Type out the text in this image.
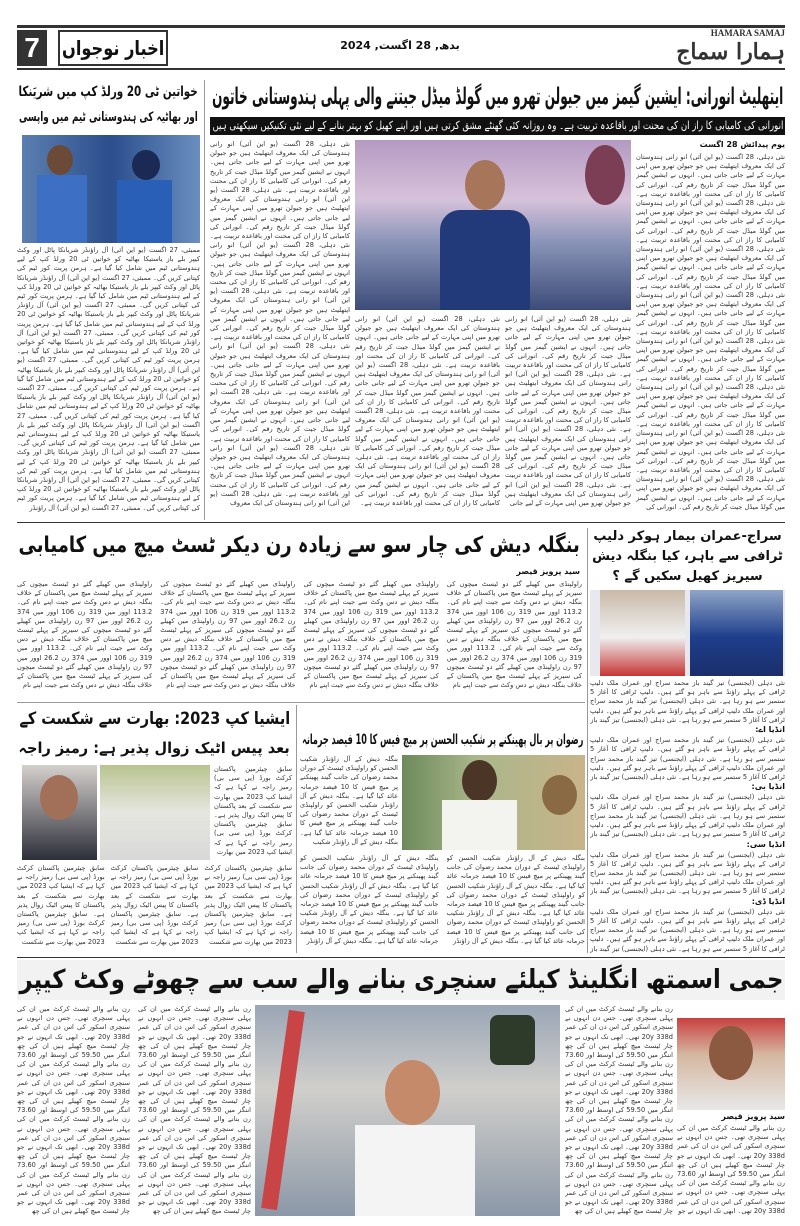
7	اخبار نوجواں	بدھ, 28 اگست, 2024
HAMARA SAMAJ
ہمارا سماج
ایتھلیٹ انورانی: ایشین گیمز میں جیولن تھرو میں گولڈ میڈل جیتنے والی پہلی ہندوستانی خاتون
انورانی کی کامیابی کا راز ان کی محنت اور باقاعدہ تربیت ہے۔ وہ روزانہ کئی گھنٹے مشق کرتی ہیں اور اپنے کھیل کو بہتر بنانے کے لیے نئی تکنیکیں سیکھتی ہیں
یوم پیدائش 28 اگست
نئی دہلی، 28 اگست (یو این آئی) انو رانی ہندوستان کی ایک معروف ایتھلیٹ ہیں جو جیولن تھرو میں اپنی مہارت کے لیے جانی جاتی ہیں۔ انہوں نے ایشین گیمز میں گولڈ میڈل جیت کر تاریخ رقم کی۔ انورانی کی کامیابی کا راز ان کی محنت اور باقاعدہ تربیت ہے۔ نئی دہلی، 28 اگست (یو این آئی) انو رانی ہندوستان کی ایک معروف ایتھلیٹ ہیں جو جیولن تھرو میں اپنی مہارت کے لیے جانی جاتی ہیں۔ انہوں نے ایشین گیمز میں گولڈ میڈل جیت کر تاریخ رقم کی۔ انورانی کی کامیابی کا راز ان کی محنت اور باقاعدہ تربیت ہے۔ نئی دہلی، 28 اگست (یو این آئی) انو رانی ہندوستان کی ایک معروف ایتھلیٹ ہیں جو جیولن تھرو میں اپنی مہارت کے لیے جانی جاتی ہیں۔ انہوں نے ایشین گیمز میں گولڈ میڈل جیت کر تاریخ رقم کی۔ انورانی کی کامیابی کا راز ان کی محنت اور باقاعدہ تربیت ہے۔ نئی دہلی، 28 اگست (یو این آئی) انو رانی ہندوستان کی ایک معروف ایتھلیٹ ہیں جو جیولن تھرو میں اپنی مہارت کے لیے جانی جاتی ہیں۔ انہوں نے ایشین گیمز میں گولڈ میڈل جیت کر تاریخ رقم کی۔ انورانی کی کامیابی کا راز ان کی محنت اور باقاعدہ تربیت ہے۔ نئی دہلی، 28 اگست (یو این آئی) انو رانی ہندوستان کی ایک معروف ایتھلیٹ ہیں جو جیولن تھرو میں اپنی مہارت کے لیے جانی جاتی ہیں۔ انہوں نے ایشین گیمز میں گولڈ میڈل جیت کر تاریخ رقم کی۔ انورانی کی کامیابی کا راز ان کی محنت اور باقاعدہ تربیت ہے۔ نئی دہلی، 28 اگست (یو این آئی) انو رانی ہندوستان کی ایک معروف ایتھلیٹ ہیں جو جیولن تھرو میں اپنی مہارت کے لیے جانی جاتی ہیں۔ انہوں نے ایشین گیمز میں گولڈ میڈل جیت کر تاریخ رقم کی۔ انورانی کی کامیابی کا راز ان کی محنت اور باقاعدہ تربیت ہے۔ نئی دہلی، 28 اگست (یو این آئی) انو رانی ہندوستان کی ایک معروف ایتھلیٹ ہیں جو جیولن تھرو میں اپنی مہارت کے لیے جانی جاتی ہیں۔ انہوں نے ایشین گیمز میں گولڈ میڈل جیت کر تاریخ رقم کی۔ انورانی کی کامیابی کا راز ان کی محنت اور باقاعدہ تربیت ہے۔ نئی دہلی، 28 اگست (یو این آئی) انو رانی ہندوستان کی ایک معروف ایتھلیٹ ہیں جو جیولن تھرو میں اپنی مہارت کے لیے جانی جاتی ہیں۔ انہوں نے ایشین گیمز میں گولڈ میڈل جیت کر تاریخ رقم کی۔ انورانی کی
نئی دہلی، 28 اگست (یو این آئی) انو رانی ہندوستان کی ایک معروف ایتھلیٹ ہیں جو جیولن تھرو میں اپنی مہارت کے لیے جانی جاتی ہیں۔ انہوں نے ایشین گیمز میں گولڈ میڈل جیت کر تاریخ رقم کی۔ انورانی کی کامیابی کا راز ان کی محنت اور باقاعدہ تربیت ہے۔ نئی دہلی، 28 اگست (یو این آئی) انو رانی ہندوستان کی ایک معروف ایتھلیٹ ہیں جو جیولن تھرو میں اپنی مہارت کے لیے جانی جاتی ہیں۔ انہوں نے ایشین گیمز میں گولڈ میڈل جیت کر تاریخ رقم کی۔ انورانی کی کامیابی کا راز ان کی محنت اور باقاعدہ تربیت ہے۔ نئی دہلی، 28 اگست (یو این آئی) انو رانی ہندوستان کی ایک معروف ایتھلیٹ ہیں جو جیولن تھرو میں اپنی مہارت کے لیے جانی جاتی ہیں۔ انہوں نے ایشین گیمز میں گولڈ میڈل جیت کر تاریخ رقم کی۔ انورانی کی کامیابی کا راز ان کی محنت اور باقاعدہ تربیت ہے۔ نئی دہلی، 28 اگست (یو این آئی) انو رانی ہندوستان کی ایک معروف ایتھلیٹ ہیں جو جیولن تھرو میں اپنی مہارت کے لیے جانی
نئی دہلی، 28 اگست (یو این آئی) انو رانی ہندوستان کی ایک معروف ایتھلیٹ ہیں جو جیولن تھرو میں اپنی مہارت کے لیے جانی جاتی ہیں۔ انہوں نے ایشین گیمز میں گولڈ میڈل جیت کر تاریخ رقم کی۔ انورانی کی کامیابی کا راز ان کی محنت اور باقاعدہ تربیت ہے۔ نئی دہلی، 28 اگست (یو این آئی) انو رانی ہندوستان کی ایک معروف ایتھلیٹ ہیں جو جیولن تھرو میں اپنی مہارت کے لیے جانی جاتی ہیں۔ انہوں نے ایشین گیمز میں گولڈ میڈل جیت کر تاریخ رقم کی۔ انورانی کی کامیابی کا راز ان کی محنت اور باقاعدہ تربیت ہے۔ نئی دہلی، 28 اگست (یو این آئی) انو رانی ہندوستان کی ایک معروف ایتھلیٹ ہیں جو جیولن تھرو میں اپنی مہارت کے لیے جانی جاتی ہیں۔ انہوں نے ایشین گیمز میں گولڈ میڈل جیت کر تاریخ رقم کی۔ انورانی کی کامیابی کا راز ان کی محنت اور باقاعدہ تربیت ہے۔ نئی دہلی، 28 اگست (یو این آئی) انو رانی ہندوستان کی ایک معروف ایتھلیٹ ہیں جو جیولن تھرو میں اپنی مہارت کے لیے جانی جاتی ہیں۔ انہوں نے ایشین گیمز میں گولڈ میڈل جیت کر تاریخ رقم کی۔ انورانی کی کامیابی کا راز ان کی محنت اور باقاعدہ تربیت ہے۔
نئی دہلی، 28 اگست (یو این آئی) انو رانی ہندوستان کی ایک معروف ایتھلیٹ ہیں جو جیولن تھرو میں اپنی مہارت کے لیے جانی جاتی ہیں۔ انہوں نے ایشین گیمز میں گولڈ میڈل جیت کر تاریخ رقم کی۔ انورانی کی کامیابی کا راز ان کی محنت اور باقاعدہ تربیت ہے۔ نئی دہلی، 28 اگست (یو این آئی) انو رانی ہندوستان کی ایک معروف ایتھلیٹ ہیں جو جیولن تھرو میں اپنی مہارت کے لیے جانی جاتی ہیں۔ انہوں نے ایشین گیمز میں گولڈ میڈل جیت کر تاریخ رقم کی۔ انورانی کی کامیابی کا راز ان کی محنت اور باقاعدہ تربیت ہے۔ نئی دہلی، 28 اگست (یو این آئی) انو رانی ہندوستان کی ایک معروف ایتھلیٹ ہیں جو جیولن تھرو میں اپنی مہارت کے لیے جانی جاتی ہیں۔ انہوں نے ایشین گیمز میں گولڈ میڈل جیت کر تاریخ رقم کی۔ انورانی کی کامیابی کا راز ان کی محنت اور باقاعدہ تربیت ہے۔ نئی دہلی، 28 اگست (یو این آئی) انو رانی ہندوستان کی ایک معروف ایتھلیٹ ہیں جو جیولن تھرو میں اپنی مہارت کے لیے جانی جاتی ہیں۔ انہوں نے ایشین گیمز میں گولڈ میڈل جیت کر تاریخ رقم کی۔ انورانی کی کامیابی کا راز ان کی محنت اور باقاعدہ تربیت ہے۔ نئی دہلی، 28 اگست (یو این آئی) انو رانی ہندوستان کی ایک معروف ایتھلیٹ ہیں جو جیولن تھرو میں اپنی مہارت کے لیے جانی جاتی ہیں۔ انہوں نے ایشین گیمز میں گولڈ میڈل جیت کر تاریخ رقم کی۔ انورانی کی کامیابی کا راز ان کی محنت اور باقاعدہ تربیت ہے۔ نئی دہلی، 28 اگست (یو این آئی) انو رانی ہندوستان کی ایک معروف ایتھلیٹ ہیں جو جیولن تھرو میں اپنی مہارت کے لیے جانی جاتی ہیں۔ انہوں نے ایشین گیمز میں گولڈ میڈل جیت کر تاریخ رقم کی۔ انورانی کی کامیابی کا راز ان کی محنت اور باقاعدہ تربیت ہے۔ نئی دہلی، 28 اگست (یو این آئی) انو رانی ہندوستان کی ایک معروف ایتھلیٹ ہیں جو جیولن تھرو میں اپنی مہارت کے لیے جانی جاتی ہیں۔ انہوں نے ایشین گیمز میں گولڈ میڈل جیت کر تاریخ رقم کی۔ انورانی کی کامیابی کا راز ان کی محنت اور باقاعدہ تربیت ہے۔ نئی دہلی، 28 اگست (یو این آئی) انو رانی ہندوستان کی ایک معروف
خواتین ٹی 20 ورلڈ کپ میں شریَنکا
اور بھاٹیہ کی ہندوستانی ٹیم میں واپسی
ممبئی، 27 اگست (یو این آئی) آل راؤنڈر شریانکا پاٹل اور وکٹ کیپر بلے باز یاستیکا بھاٹیہ کو خواتین ٹی 20 ورلڈ کپ کے لیے ہندوستانی ٹیم میں شامل کیا گیا ہے۔ ہرمن پریت کور ٹیم کی کپتانی کریں گی۔ ممبئی، 27 اگست (یو این آئی) آل راؤنڈر شریانکا پاٹل اور وکٹ کیپر بلے باز یاستیکا بھاٹیہ کو خواتین ٹی 20 ورلڈ کپ کے لیے ہندوستانی ٹیم میں شامل کیا گیا ہے۔ ہرمن پریت کور ٹیم کی کپتانی کریں گی۔ ممبئی، 27 اگست (یو این آئی) آل راؤنڈر شریانکا پاٹل اور وکٹ کیپر بلے باز یاستیکا بھاٹیہ کو خواتین ٹی 20 ورلڈ کپ کے لیے ہندوستانی ٹیم میں شامل کیا گیا ہے۔ ہرمن پریت کور ٹیم کی کپتانی کریں گی۔ ممبئی، 27 اگست (یو این آئی) آل راؤنڈر شریانکا پاٹل اور وکٹ کیپر بلے باز یاستیکا بھاٹیہ کو خواتین ٹی 20 ورلڈ کپ کے لیے ہندوستانی ٹیم میں شامل کیا گیا ہے۔ ہرمن پریت کور ٹیم کی کپتانی کریں گی۔ ممبئی، 27 اگست (یو این آئی) آل راؤنڈر شریانکا پاٹل اور وکٹ کیپر بلے باز یاستیکا بھاٹیہ کو خواتین ٹی 20 ورلڈ کپ کے لیے ہندوستانی ٹیم میں شامل کیا گیا ہے۔ ہرمن پریت کور ٹیم کی کپتانی کریں گی۔ ممبئی، 27 اگست (یو این آئی) آل راؤنڈر شریانکا پاٹل اور وکٹ کیپر بلے باز یاستیکا بھاٹیہ کو خواتین ٹی 20 ورلڈ کپ کے لیے ہندوستانی ٹیم میں شامل کیا گیا ہے۔ ہرمن پریت کور ٹیم کی کپتانی کریں گی۔ ممبئی، 27 اگست (یو این آئی) آل راؤنڈر شریانکا پاٹل اور وکٹ کیپر بلے باز یاستیکا بھاٹیہ کو خواتین ٹی 20 ورلڈ کپ کے لیے ہندوستانی ٹیم میں شامل کیا گیا ہے۔ ہرمن پریت کور ٹیم کی کپتانی کریں گی۔ ممبئی، 27 اگست (یو این آئی) آل راؤنڈر شریانکا پاٹل اور وکٹ کیپر بلے باز یاستیکا بھاٹیہ کو خواتین ٹی 20 ورلڈ کپ کے لیے ہندوستانی ٹیم میں شامل کیا گیا ہے۔ ہرمن پریت کور ٹیم کی کپتانی کریں گی۔ ممبئی، 27 اگست (یو این آئی) آل راؤنڈر شریانکا پاٹل اور وکٹ کیپر بلے باز یاستیکا بھاٹیہ کو خواتین ٹی 20 ورلڈ کپ کے لیے ہندوستانی ٹیم میں شامل کیا گیا ہے۔ ہرمن پریت کور ٹیم کی کپتانی کریں گی۔ ممبئی، 27 اگست (یو این آئی) آل راؤنڈر
سراج-عمران بیمار ہوکر دلیپ ٹرافی سے باہر، کیا بنگلہ دیش سیریز کھیل سکیں گے ؟
نئی دہلی (ایجنسی) تیز گیند باز محمد سراج اور عمران ملک دلیپ ٹرافی کے پہلے راؤنڈ سے باہر ہو گئے ہیں۔ دلیپ ٹرافی کا آغاز 5 ستمبر سے ہو رہا ہے۔ نئی دہلی (ایجنسی) تیز گیند باز محمد سراج اور عمران ملک دلیپ ٹرافی کے پہلے راؤنڈ سے باہر ہو گئے ہیں۔ دلیپ ٹرافی کا آغاز 5 ستمبر سے ہو رہا ہے۔ نئی دہلی (ایجنسی) تیز گیند باز
انڈیا اے:
نئی دہلی (ایجنسی) تیز گیند باز محمد سراج اور عمران ملک دلیپ ٹرافی کے پہلے راؤنڈ سے باہر ہو گئے ہیں۔ دلیپ ٹرافی کا آغاز 5 ستمبر سے ہو رہا ہے۔ نئی دہلی (ایجنسی) تیز گیند باز محمد سراج اور عمران ملک دلیپ ٹرافی کے پہلے راؤنڈ سے باہر ہو گئے ہیں۔ دلیپ ٹرافی کا آغاز 5 ستمبر سے ہو رہا ہے۔ نئی دہلی (ایجنسی) تیز گیند باز
انڈیا بی:
نئی دہلی (ایجنسی) تیز گیند باز محمد سراج اور عمران ملک دلیپ ٹرافی کے پہلے راؤنڈ سے باہر ہو گئے ہیں۔ دلیپ ٹرافی کا آغاز 5 ستمبر سے ہو رہا ہے۔ نئی دہلی (ایجنسی) تیز گیند باز محمد سراج اور عمران ملک دلیپ ٹرافی کے پہلے راؤنڈ سے باہر ہو گئے ہیں۔ دلیپ ٹرافی کا آغاز 5 ستمبر سے ہو رہا ہے۔ نئی دہلی (ایجنسی) تیز گیند باز
انڈیا سی:
نئی دہلی (ایجنسی) تیز گیند باز محمد سراج اور عمران ملک دلیپ ٹرافی کے پہلے راؤنڈ سے باہر ہو گئے ہیں۔ دلیپ ٹرافی کا آغاز 5 ستمبر سے ہو رہا ہے۔ نئی دہلی (ایجنسی) تیز گیند باز محمد سراج اور عمران ملک دلیپ ٹرافی کے پہلے راؤنڈ سے باہر ہو گئے ہیں۔ دلیپ ٹرافی کا آغاز 5 ستمبر سے ہو رہا ہے۔ نئی دہلی (ایجنسی) تیز گیند باز
انڈیا ڈی:
نئی دہلی (ایجنسی) تیز گیند باز محمد سراج اور عمران ملک دلیپ ٹرافی کے پہلے راؤنڈ سے باہر ہو گئے ہیں۔ دلیپ ٹرافی کا آغاز 5 ستمبر سے ہو رہا ہے۔ نئی دہلی (ایجنسی) تیز گیند باز محمد سراج اور عمران ملک دلیپ ٹرافی کے پہلے راؤنڈ سے باہر ہو گئے ہیں۔ دلیپ ٹرافی کا آغاز 5 ستمبر سے ہو رہا ہے۔ نئی دہلی (ایجنسی) تیز گیند باز
بنگلہ دیش کی چار سو سے زیادہ رن دیکر ٹسٹ میچ میں کامیابی
سید پرویز قیصر
راولپنڈی میں کھیلے گئے دو ٹیسٹ میچوں کی سیریز کے پہلے ٹیسٹ میچ میں پاکستان کے خلاف بنگلہ دیش نے دس وکٹ سے جیت اپنے نام کی۔ 113.2 اوور میں 319 رن 106 اوور میں 374 رن 26.2 اوور میں 97 رن راولپنڈی میں کھیلے گئے دو ٹیسٹ میچوں کی سیریز کے پہلے ٹیسٹ میچ میں پاکستان کے خلاف بنگلہ دیش نے دس وکٹ سے جیت اپنے نام کی۔ 113.2 اوور میں 319 رن 106 اوور میں 374 رن 26.2 اوور میں 97 رن راولپنڈی میں کھیلے گئے دو ٹیسٹ میچوں کی سیریز کے پہلے ٹیسٹ میچ میں پاکستان کے خلاف بنگلہ دیش نے دس وکٹ سے جیت اپنے نام
راولپنڈی میں کھیلے گئے دو ٹیسٹ میچوں کی سیریز کے پہلے ٹیسٹ میچ میں پاکستان کے خلاف بنگلہ دیش نے دس وکٹ سے جیت اپنے نام کی۔ 113.2 اوور میں 319 رن 106 اوور میں 374 رن 26.2 اوور میں 97 رن راولپنڈی میں کھیلے گئے دو ٹیسٹ میچوں کی سیریز کے پہلے ٹیسٹ میچ میں پاکستان کے خلاف بنگلہ دیش نے دس وکٹ سے جیت اپنے نام کی۔ 113.2 اوور میں 319 رن 106 اوور میں 374 رن 26.2 اوور میں 97 رن راولپنڈی میں کھیلے گئے دو ٹیسٹ میچوں کی سیریز کے پہلے ٹیسٹ میچ میں پاکستان کے خلاف بنگلہ دیش نے دس وکٹ سے جیت اپنے نام
راولپنڈی میں کھیلے گئے دو ٹیسٹ میچوں کی سیریز کے پہلے ٹیسٹ میچ میں پاکستان کے خلاف بنگلہ دیش نے دس وکٹ سے جیت اپنے نام کی۔ 113.2 اوور میں 319 رن 106 اوور میں 374 رن 26.2 اوور میں 97 رن راولپنڈی میں کھیلے گئے دو ٹیسٹ میچوں کی سیریز کے پہلے ٹیسٹ میچ میں پاکستان کے خلاف بنگلہ دیش نے دس وکٹ سے جیت اپنے نام کی۔ 113.2 اوور میں 319 رن 106 اوور میں 374 رن 26.2 اوور میں 97 رن راولپنڈی میں کھیلے گئے دو ٹیسٹ میچوں کی سیریز کے پہلے ٹیسٹ میچ میں پاکستان کے خلاف بنگلہ دیش نے دس وکٹ سے جیت اپنے نام
راولپنڈی میں کھیلے گئے دو ٹیسٹ میچوں کی سیریز کے پہلے ٹیسٹ میچ میں پاکستان کے خلاف بنگلہ دیش نے دس وکٹ سے جیت اپنے نام کی۔ 113.2 اوور میں 319 رن 106 اوور میں 374 رن 26.2 اوور میں 97 رن راولپنڈی میں کھیلے گئے دو ٹیسٹ میچوں کی سیریز کے پہلے ٹیسٹ میچ میں پاکستان کے خلاف بنگلہ دیش نے دس وکٹ سے جیت اپنے نام کی۔ 113.2 اوور میں 319 رن 106 اوور میں 374 رن 26.2 اوور میں 97 رن راولپنڈی میں کھیلے گئے دو ٹیسٹ میچوں کی سیریز کے پہلے ٹیسٹ میچ میں پاکستان کے خلاف بنگلہ دیش نے دس وکٹ سے جیت اپنے نام
رضوان پر بال پھینکنے پر شکیب الحسن پر میچ فیس کا 10 فیصد جرمانہ
بنگلہ دیش کے آل راؤنڈر شکیب الحسن کو راولپنڈی ٹیسٹ کے دوران محمد رضوان کی جانب گیند پھینکنے پر میچ فیس کا 10 فیصد جرمانہ عائد کیا گیا ہے۔ بنگلہ دیش کے آل راؤنڈر شکیب الحسن کو راولپنڈی ٹیسٹ کے دوران محمد رضوان کی جانب گیند پھینکنے پر میچ فیس کا 10 فیصد جرمانہ عائد کیا گیا ہے۔ بنگلہ دیش کے آل راؤنڈر شکیب
بنگلہ دیش کے آل راؤنڈر شکیب الحسن کو راولپنڈی ٹیسٹ کے دوران محمد رضوان کی جانب گیند پھینکنے پر میچ فیس کا 10 فیصد جرمانہ عائد کیا گیا ہے۔ بنگلہ دیش کے آل راؤنڈر شکیب الحسن کو راولپنڈی ٹیسٹ کے دوران محمد رضوان کی جانب گیند پھینکنے پر میچ فیس کا 10 فیصد جرمانہ عائد کیا گیا ہے۔ بنگلہ دیش کے آل راؤنڈر شکیب الحسن کو راولپنڈی ٹیسٹ کے دوران محمد رضوان کی جانب گیند پھینکنے پر میچ فیس کا 10 فیصد جرمانہ عائد کیا گیا ہے۔ بنگلہ دیش کے آل راؤنڈر
بنگلہ دیش کے آل راؤنڈر شکیب الحسن کو راولپنڈی ٹیسٹ کے دوران محمد رضوان کی جانب گیند پھینکنے پر میچ فیس کا 10 فیصد جرمانہ عائد کیا گیا ہے۔ بنگلہ دیش کے آل راؤنڈر شکیب الحسن کو راولپنڈی ٹیسٹ کے دوران محمد رضوان کی جانب گیند پھینکنے پر میچ فیس کا 10 فیصد جرمانہ عائد کیا گیا ہے۔ بنگلہ دیش کے آل راؤنڈر شکیب الحسن کو راولپنڈی ٹیسٹ کے دوران محمد رضوان کی جانب گیند پھینکنے پر میچ فیس کا 10 فیصد جرمانہ عائد کیا گیا ہے۔ بنگلہ دیش کے آل راؤنڈر
ایشیا کپ 2023: بھارت سے شکست کے
بعد پیس اٹیک زوال پذیر ہے: رمیز راجہ
سابق چیئرمین پاکستان کرکٹ بورڈ (پی سی بی) رمیز راجہ نے کہا ہے کہ ایشیا کپ 2023 میں بھارت سے شکست کے بعد پاکستان کا پیس اٹیک زوال پذیر ہے۔ سابق چیئرمین پاکستان کرکٹ بورڈ (پی سی بی) رمیز راجہ نے کہا ہے کہ ایشیا کپ 2023 میں بھارت
سابق چیئرمین پاکستان کرکٹ بورڈ (پی سی بی) رمیز راجہ نے کہا ہے کہ ایشیا کپ 2023 میں بھارت سے شکست کے بعد پاکستان کا پیس اٹیک زوال پذیر ہے۔ سابق چیئرمین پاکستان کرکٹ بورڈ (پی سی بی) رمیز راجہ نے کہا ہے کہ ایشیا کپ 2023 میں بھارت سے شکست
سابق چیئرمین پاکستان کرکٹ بورڈ (پی سی بی) رمیز راجہ نے کہا ہے کہ ایشیا کپ 2023 میں بھارت سے شکست کے بعد پاکستان کا پیس اٹیک زوال پذیر ہے۔ سابق چیئرمین پاکستان کرکٹ بورڈ (پی سی بی) رمیز راجہ نے کہا ہے کہ ایشیا کپ 2023 میں بھارت سے شکست
سابق چیئرمین پاکستان کرکٹ بورڈ (پی سی بی) رمیز راجہ نے کہا ہے کہ ایشیا کپ 2023 میں بھارت سے شکست کے بعد پاکستان کا پیس اٹیک زوال پذیر ہے۔ سابق چیئرمین پاکستان کرکٹ بورڈ (پی سی بی) رمیز راجہ نے کہا ہے کہ ایشیا کپ 2023 میں بھارت سے شکست
جمی اسمتھ انگلینڈ کیلئے سنچری بنانے والے سب سے چھوٹے وکٹ کیپر
سید پرویز قیصر
رن بنانے والے ٹیسٹ کرکٹ میں ان کی پہلی سنچری تھی۔ جس دن انہوں نے سنچری اسکور کی اس دن ان کی عمر 20y 338d تھی۔ ابھی تک انہوں نے جو چار ٹیسٹ میچ کھیلے ہیں ان کی چھ اننگز میں 59.50 کی اوسط اور 73.60 رن بنانے والے ٹیسٹ کرکٹ میں ان کی پہلی سنچری تھی۔ جس دن انہوں نے سنچری اسکور کی اس دن ان کی عمر 20y 338d تھی۔ ابھی تک انہوں نے جو
رن بنانے والے ٹیسٹ کرکٹ میں ان کی پہلی سنچری تھی۔ جس دن انہوں نے سنچری اسکور کی اس دن ان کی عمر 20y 338d تھی۔ ابھی تک انہوں نے جو چار ٹیسٹ میچ کھیلے ہیں ان کی چھ اننگز میں 59.50 کی اوسط اور 73.60 رن بنانے والے ٹیسٹ کرکٹ میں ان کی پہلی سنچری تھی۔ جس دن انہوں نے سنچری اسکور کی اس دن ان کی عمر 20y 338d تھی۔ ابھی تک انہوں نے جو چار ٹیسٹ میچ کھیلے ہیں ان کی چھ اننگز میں 59.50 کی اوسط اور 73.60 رن بنانے والے ٹیسٹ کرکٹ میں ان کی پہلی سنچری تھی۔ جس دن انہوں نے سنچری اسکور کی اس دن ان کی عمر 20y 338d تھی۔ ابھی تک انہوں نے جو چار ٹیسٹ میچ کھیلے ہیں ان کی چھ اننگز میں 59.50 کی اوسط اور 73.60 رن بنانے والے ٹیسٹ کرکٹ میں ان کی پہلی سنچری تھی۔ جس دن انہوں نے سنچری اسکور کی اس دن ان کی عمر 20y 338d تھی۔ ابھی تک انہوں نے جو چار ٹیسٹ میچ کھیلے ہیں ان کی چھ
رن بنانے والے ٹیسٹ کرکٹ میں ان کی پہلی سنچری تھی۔ جس دن انہوں نے سنچری اسکور کی اس دن ان کی عمر 20y 338d تھی۔ ابھی تک انہوں نے جو چار ٹیسٹ میچ کھیلے ہیں ان کی چھ اننگز میں 59.50 کی اوسط اور 73.60 رن بنانے والے ٹیسٹ کرکٹ میں ان کی پہلی سنچری تھی۔ جس دن انہوں نے سنچری اسکور کی اس دن ان کی عمر 20y 338d تھی۔ ابھی تک انہوں نے جو چار ٹیسٹ میچ کھیلے ہیں ان کی چھ اننگز میں 59.50 کی اوسط اور 73.60 رن بنانے والے ٹیسٹ کرکٹ میں ان کی پہلی سنچری تھی۔ جس دن انہوں نے سنچری اسکور کی اس دن ان کی عمر 20y 338d تھی۔ ابھی تک انہوں نے جو چار ٹیسٹ میچ کھیلے ہیں ان کی چھ اننگز میں 59.50 کی اوسط اور 73.60 رن بنانے والے ٹیسٹ کرکٹ میں ان کی پہلی سنچری تھی۔ جس دن انہوں نے سنچری اسکور کی اس دن ان کی عمر 20y 338d تھی۔ ابھی تک انہوں نے جو چار ٹیسٹ میچ کھیلے ہیں ان کی چھ
رن بنانے والے ٹیسٹ کرکٹ میں ان کی پہلی سنچری تھی۔ جس دن انہوں نے سنچری اسکور کی اس دن ان کی عمر 20y 338d تھی۔ ابھی تک انہوں نے جو چار ٹیسٹ میچ کھیلے ہیں ان کی چھ اننگز میں 59.50 کی اوسط اور 73.60 رن بنانے والے ٹیسٹ کرکٹ میں ان کی پہلی سنچری تھی۔ جس دن انہوں نے سنچری اسکور کی اس دن ان کی عمر 20y 338d تھی۔ ابھی تک انہوں نے جو چار ٹیسٹ میچ کھیلے ہیں ان کی چھ اننگز میں 59.50 کی اوسط اور 73.60 رن بنانے والے ٹیسٹ کرکٹ میں ان کی پہلی سنچری تھی۔ جس دن انہوں نے سنچری اسکور کی اس دن ان کی عمر 20y 338d تھی۔ ابھی تک انہوں نے جو چار ٹیسٹ میچ کھیلے ہیں ان کی چھ اننگز میں 59.50 کی اوسط اور 73.60 رن بنانے والے ٹیسٹ کرکٹ میں ان کی پہلی سنچری تھی۔ جس دن انہوں نے سنچری اسکور کی اس دن ان کی عمر 20y 338d تھی۔ ابھی تک انہوں نے جو چار ٹیسٹ میچ کھیلے ہیں ان کی چھ
